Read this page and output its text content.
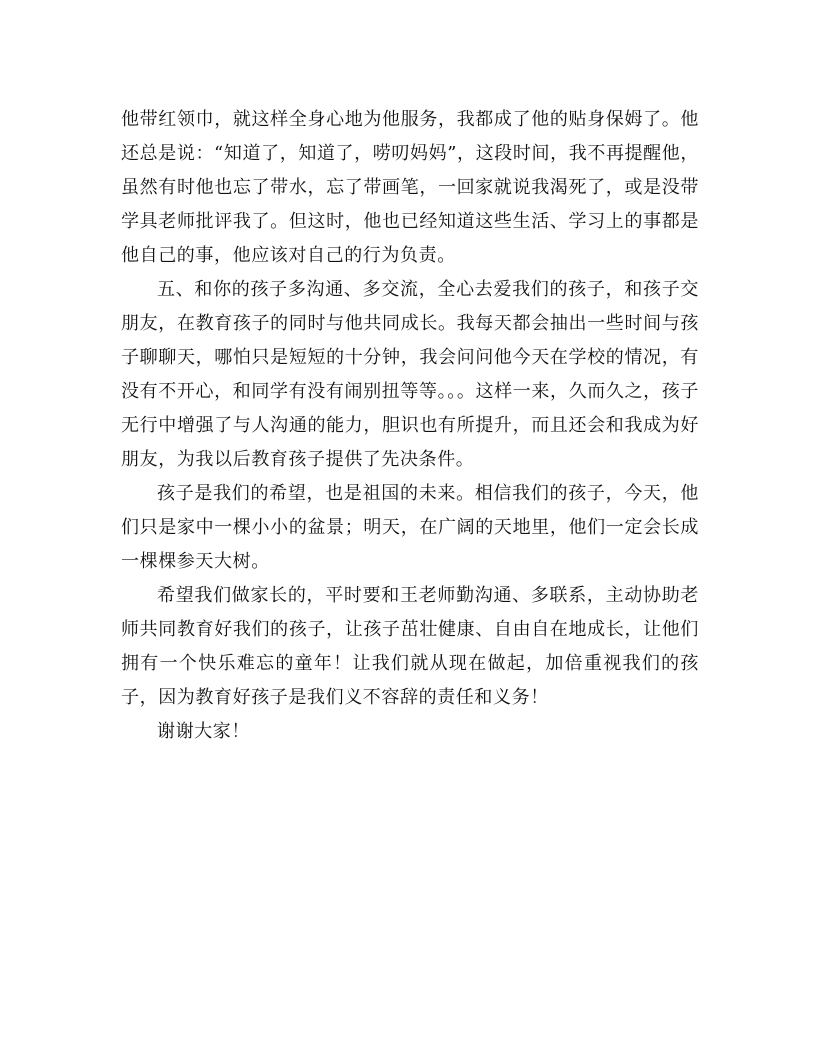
他带红领巾，就这样全身心地为他服务，我都成了他的贴身保姆了。他还总是说：“知道了，知道了，唠叨妈妈”，这段时间，我不再提醒他，虽然有时他也忘了带水，忘了带画笔，一回家就说我渴死了，或是没带学具老师批评我了。但这时，他也已经知道这些生活、学习上的事都是他自己的事，他应该对自己的行为负责。

五、和你的孩子多沟通、多交流，全心去爱我们的孩子，和孩子交朋友，在教育孩子的同时与他共同成长。我每天都会抽出一些时间与孩子聊聊天，哪怕只是短短的十分钟，我会问问他今天在学校的情况，有没有不开心，和同学有没有闹别扭等等。。。这样一来，久而久之，孩子无行中增强了与人沟通的能力，胆识也有所提升，而且还会和我成为好朋友，为我以后教育孩子提供了先决条件。

孩子是我们的希望，也是祖国的未来。相信我们的孩子，今天，他们只是家中一棵小小的盆景；明天，在广阔的天地里，他们一定会长成一棵棵参天大树。

希望我们做家长的，平时要和王老师勤沟通、多联系，主动协助老师共同教育好我们的孩子，让孩子茁壮健康、自由自在地成长，让他们拥有一个快乐难忘的童年！让我们就从现在做起，加倍重视我们的孩子，因为教育好孩子是我们义不容辞的责任和义务！

谢谢大家！
